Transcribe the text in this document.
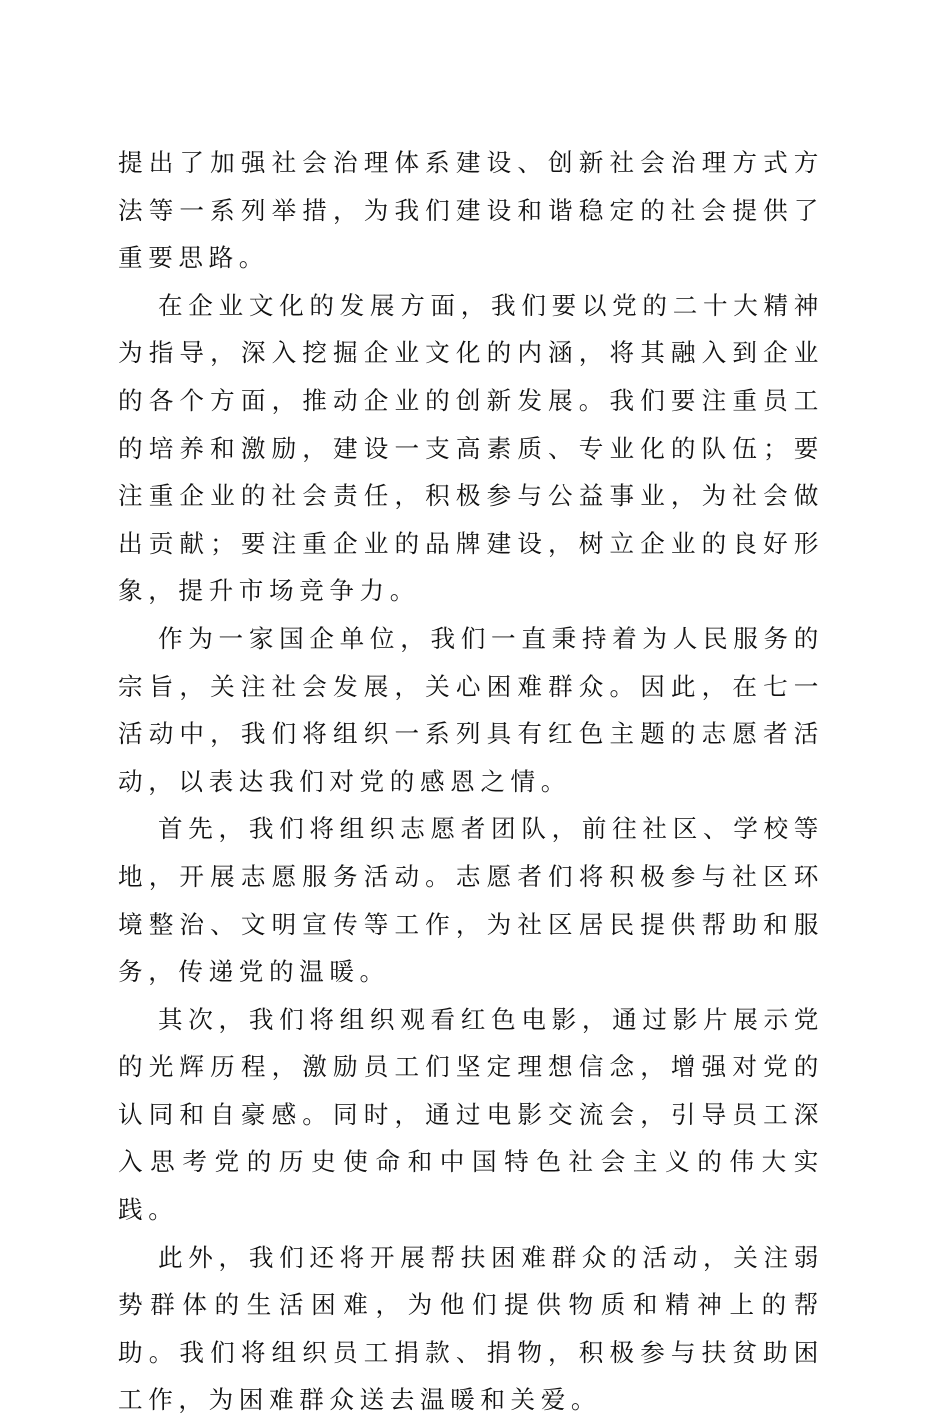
提出了加强社会治理体系建设、创新社会治理方式方法等一系列举措，为我们建设和谐稳定的社会提供了重要思路。

在企业文化的发展方面，我们要以党的二十大精神为指导，深入挖掘企业文化的内涵，将其融入到企业的各个方面，推动企业的创新发展。我们要注重员工的培养和激励，建设一支高素质、专业化的队伍；要注重企业的社会责任，积极参与公益事业，为社会做出贡献；要注重企业的品牌建设，树立企业的良好形象，提升市场竞争力。

作为一家国企单位，我们一直秉持着为人民服务的宗旨，关注社会发展，关心困难群众。因此，在七一活动中，我们将组织一系列具有红色主题的志愿者活动，以表达我们对党的感恩之情。

首先，我们将组织志愿者团队，前往社区、学校等地，开展志愿服务活动。志愿者们将积极参与社区环境整治、文明宣传等工作，为社区居民提供帮助和服务，传递党的温暖。

其次，我们将组织观看红色电影，通过影片展示党的光辉历程，激励员工们坚定理想信念，增强对党的认同和自豪感。同时，通过电影交流会，引导员工深入思考党的历史使命和中国特色社会主义的伟大实践。

此外，我们还将开展帮扶困难群众的活动，关注弱势群体的生活困难，为他们提供物质和精神上的帮助。我们将组织员工捐款、捐物，积极参与扶贫助困工作，为困难群众送去温暖和关爱。
